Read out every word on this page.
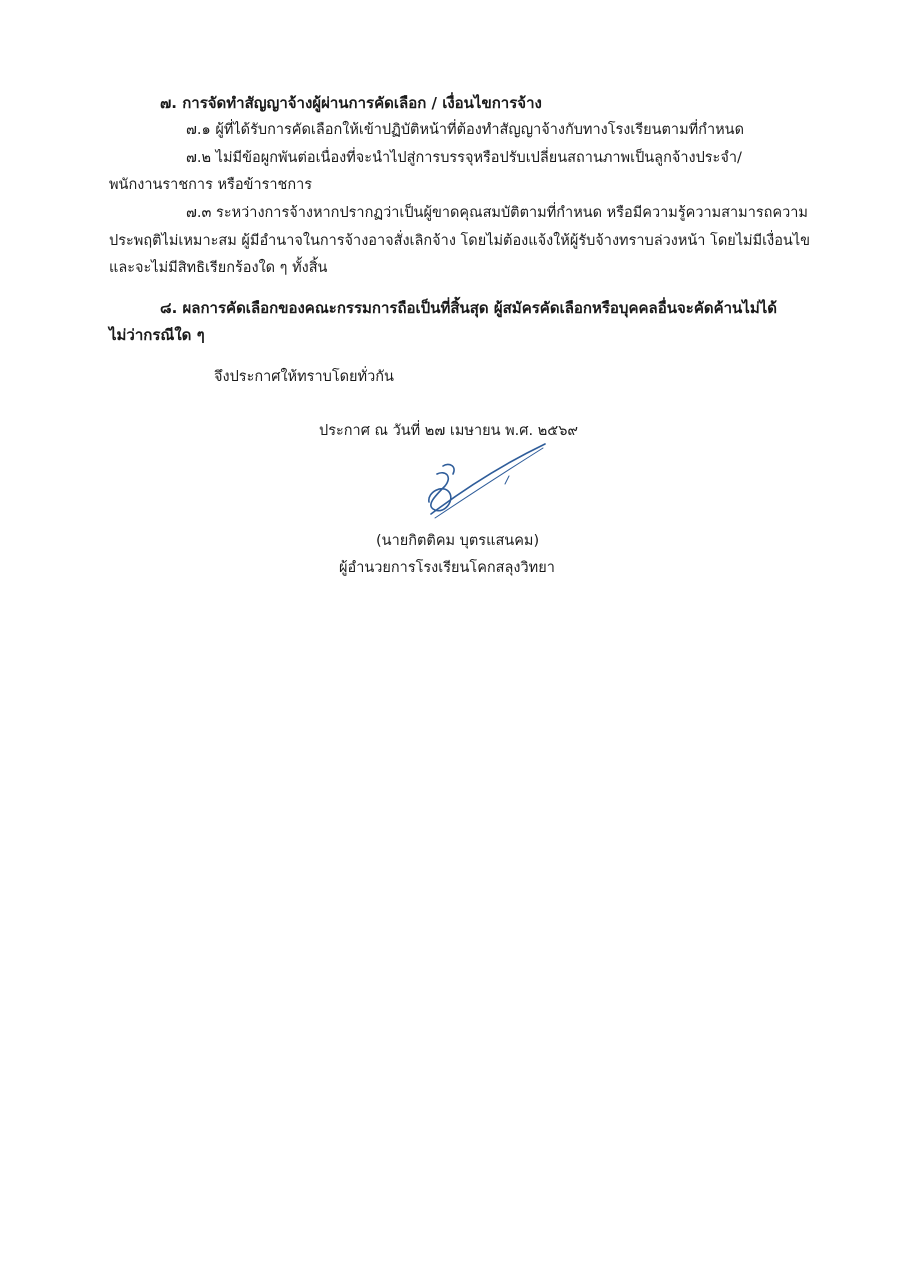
๗. การจัดทำสัญญาจ้างผู้ผ่านการคัดเลือก / เงื่อนไขการจ้าง
๗.๑ ผู้ที่ได้รับการคัดเลือกให้เข้าปฏิบัติหน้าที่ต้องทำสัญญาจ้างกับทางโรงเรียนตามที่กำหนด
๗.๒ ไม่มีข้อผูกพันต่อเนื่องที่จะนำไปสู่การบรรจุหรือปรับเปลี่ยนสถานภาพเป็นลูกจ้างประจำ/
พนักงานราชการ หรือข้าราชการ
๗.๓ ระหว่างการจ้างหากปรากฏว่าเป็นผู้ขาดคุณสมบัติตามที่กำหนด หรือมีความรู้ความสามารถความ
ประพฤติไม่เหมาะสม ผู้มีอำนาจในการจ้างอาจสั่งเลิกจ้าง โดยไม่ต้องแจ้งให้ผู้รับจ้างทราบล่วงหน้า โดยไม่มีเงื่อนไข
และจะไม่มีสิทธิเรียกร้องใด ๆ ทั้งสิ้น
๘. ผลการคัดเลือกของคณะกรรมการถือเป็นที่สิ้นสุด ผู้สมัครคัดเลือกหรือบุคคลอื่นจะคัดค้านไม่ได้
ไม่ว่ากรณีใด ๆ
จึงประกาศให้ทราบโดยทั่วกัน
ประกาศ ณ วันที่ ๒๗ เมษายน พ.ศ. ๒๕๖๙
(นายกิตติคม บุตรแสนคม)
ผู้อำนวยการโรงเรียนโคกสลุงวิทยา
